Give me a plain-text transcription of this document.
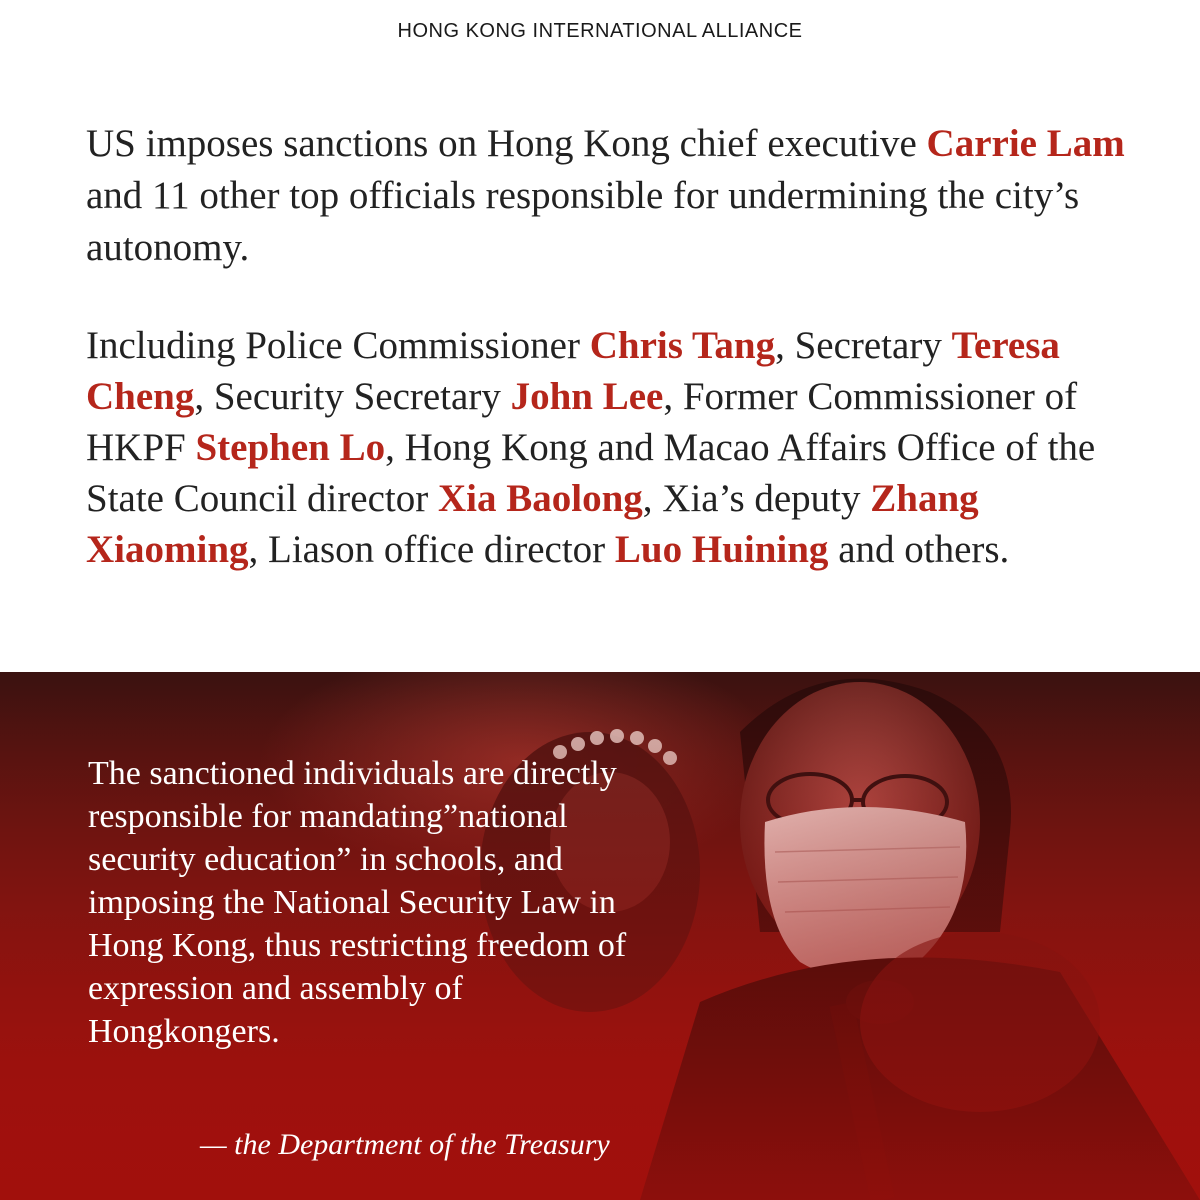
HONG KONG INTERNATIONAL ALLIANCE
US imposes sanctions on Hong Kong chief executive Carrie Lam and 11 other top officials responsible for undermining the city’s autonomy.
Including Police Commissioner Chris Tang, Secretary Teresa Cheng, Security Secretary John Lee, Former Commissioner of HKPF Stephen Lo, Hong Kong and Macao Affairs Office of the State Council director Xia Baolong, Xia’s deputy Zhang Xiaoming, Liason office director Luo Huining and others.
The sanctioned individuals are directly responsible for mandating”national security education” in schools, and imposing the National Security Law in Hong Kong, thus restricting freedom of expression and assembly of Hongkongers.
— the Department of the Treasury
